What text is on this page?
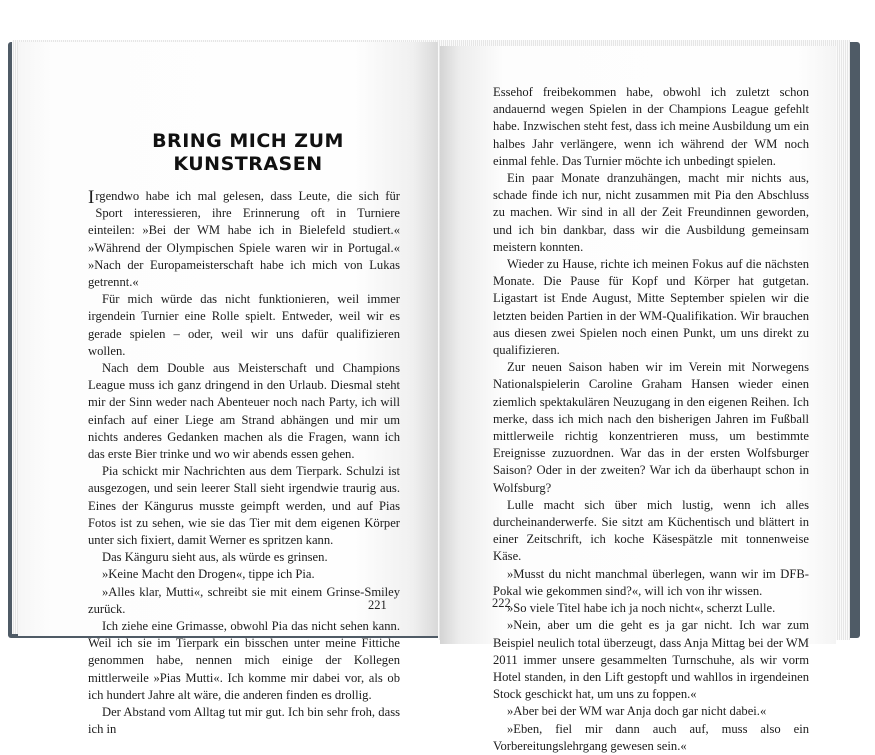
BRING MICH ZUM
KUNSTRASEN

Irgendwo habe ich mal gelesen, dass Leute, die sich für Sport interessieren, ihre Erinnerung oft in Turniere einteilen: »Bei der WM habe ich in Bielefeld studiert.« »Während der Olympischen Spiele waren wir in Portugal.« »Nach der Europameisterschaft habe ich mich von Lukas getrennt.«

Für mich würde das nicht funktionieren, weil immer irgendein Turnier eine Rolle spielt. Entweder, weil wir es gerade spielen – oder, weil wir uns dafür qualifizieren wollen.

Nach dem Double aus Meisterschaft und Champions League muss ich ganz dringend in den Urlaub. Diesmal steht mir der Sinn weder nach Abenteuer noch nach Party, ich will einfach auf einer Liege am Strand abhängen und mir um nichts anderes Gedanken machen als die Fragen, wann ich das erste Bier trinke und wo wir abends essen gehen.

Pia schickt mir Nachrichten aus dem Tierpark. Schulzi ist ausgezogen, und sein leerer Stall sieht irgendwie traurig aus. Eines der Kängurus musste geimpft werden, und auf Pias Fotos ist zu sehen, wie sie das Tier mit dem eigenen Körper unter sich fixiert, damit Werner es spritzen kann.

Das Känguru sieht aus, als würde es grinsen.

»Keine Macht den Drogen«, tippe ich Pia.

»Alles klar, Mutti«, schreibt sie mit einem Grinse-Smiley zurück.

Ich ziehe eine Grimasse, obwohl Pia das nicht sehen kann. Weil ich sie im Tierpark ein bisschen unter meine Fittiche genommen habe, nennen mich einige der Kollegen mittlerweile »Pias Mutti«. Ich komme mir dabei vor, als ob ich hundert Jahre alt wäre, die anderen finden es drollig.

Der Abstand vom Alltag tut mir gut. Ich bin sehr froh, dass ich in

221

Essehof freibekommen habe, obwohl ich zuletzt schon andauernd wegen Spielen in der Champions League gefehlt habe. Inzwischen steht fest, dass ich meine Ausbildung um ein halbes Jahr verlängere, wenn ich während der WM noch einmal fehle. Das Turnier möchte ich unbedingt spielen.

Ein paar Monate dranzuhängen, macht mir nichts aus, schade finde ich nur, nicht zusammen mit Pia den Abschluss zu machen. Wir sind in all der Zeit Freundinnen geworden, und ich bin dankbar, dass wir die Ausbildung gemeinsam meistern konnten.

Wieder zu Hause, richte ich meinen Fokus auf die nächsten Monate. Die Pause für Kopf und Körper hat gutgetan. Ligastart ist Ende August, Mitte September spielen wir die letzten beiden Partien in der WM-Qualifikation. Wir brauchen aus diesen zwei Spielen noch einen Punkt, um uns direkt zu qualifizieren.

Zur neuen Saison haben wir im Verein mit Norwegens Nationalspielerin Caroline Graham Hansen wieder einen ziemlich spektakulären Neuzugang in den eigenen Reihen. Ich merke, dass ich mich nach den bisherigen Jahren im Fußball mittlerweile richtig konzentrieren muss, um bestimmte Ereignisse zuzuordnen. War das in der ersten Wolfsburger Saison? Oder in der zweiten? War ich da überhaupt schon in Wolfsburg?

Lulle macht sich über mich lustig, wenn ich alles durcheinanderwerfe. Sie sitzt am Küchentisch und blättert in einer Zeitschrift, ich koche Käsespätzle mit tonnenweise Käse.

»Musst du nicht manchmal überlegen, wann wir im DFB-Pokal wie gekommen sind?«, will ich von ihr wissen.

»So viele Titel habe ich ja noch nicht«, scherzt Lulle.

»Nein, aber um die geht es ja gar nicht. Ich war zum Beispiel neulich total überzeugt, dass Anja Mittag bei der WM 2011 immer unsere gesammelten Turnschuhe, als wir vorm Hotel standen, in den Lift gestopft und wahllos in irgendeinen Stock geschickt hat, um uns zu foppen.«

»Aber bei der WM war Anja doch gar nicht dabei.«

»Eben, fiel mir dann auch auf, muss also ein Vorbereitungslehrgang gewesen sein.«

222
